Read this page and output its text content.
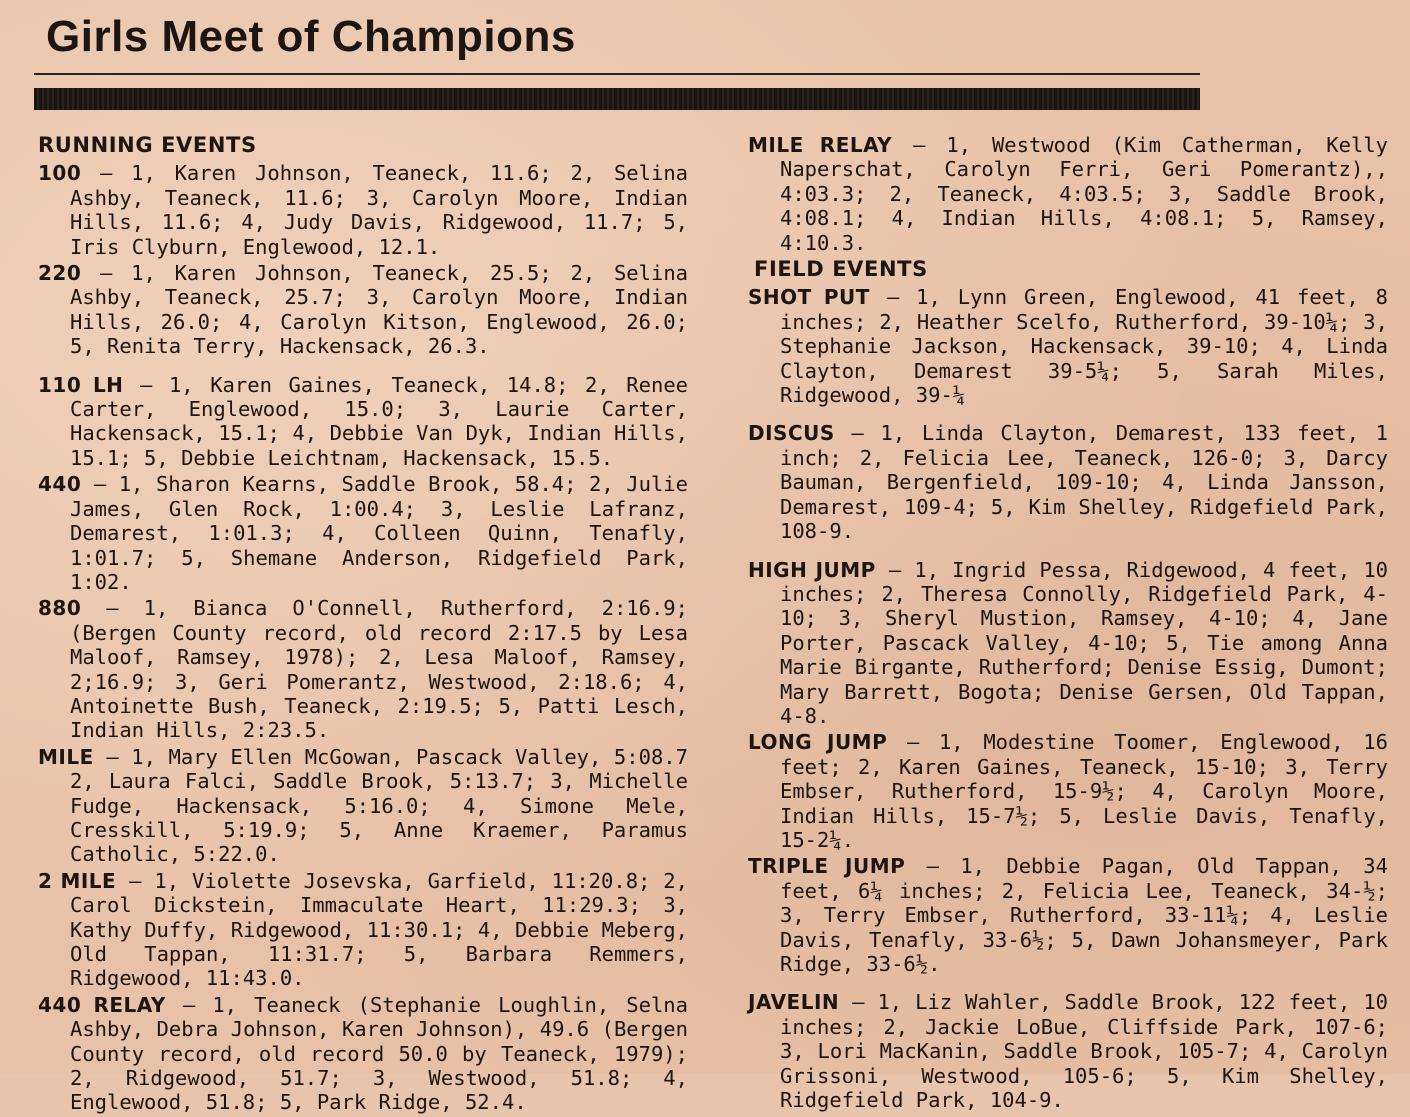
Girls Meet of Champions
RUNNING EVENTS

100 — 1, Karen Johnson, Teaneck, 11.6; 2, Selina Ashby, Teaneck, 11.6; 3, Carolyn Moore, Indian Hills, 11.6; 4, Judy Davis, Ridgewood, 11.7; 5, Iris Clyburn, Englewood, 12.1.

220 — 1, Karen Johnson, Teaneck, 25.5; 2, Selina Ashby, Teaneck, 25.7; 3, Carolyn Moore, Indian Hills, 26.0; 4, Carolyn Kitson, Englewood, 26.0; 5, Renita Terry, Hackensack, 26.3.

110 LH — 1, Karen Gaines, Teaneck, 14.8; 2, Renee Carter, Englewood, 15.0; 3, Laurie Carter, Hackensack, 15.1; 4, Debbie Van Dyk, Indian Hills, 15.1; 5, Debbie Leichtnam, Hackensack, 15.5.

440 — 1, Sharon Kearns, Saddle Brook, 58.4; 2, Julie James, Glen Rock, 1:00.4; 3, Leslie Lafranz, Demarest, 1:01.3; 4, Colleen Quinn, Tenafly, 1:01.7; 5, Shemane Anderson, Ridgefield Park, 1:02.

880 — 1, Bianca O'Connell, Rutherford, 2:16.9; (Bergen County record, old record 2:17.5 by Lesa Maloof, Ramsey, 1978); 2, Lesa Maloof, Ramsey, 2;16.9; 3, Geri Pomerantz, Westwood, 2:18.6; 4, Antoinette Bush, Teaneck, 2:19.5; 5, Patti Lesch, Indian Hills, 2:23.5.

MILE — 1, Mary Ellen McGowan, Pascack Valley, 5:08.7 2, Laura Falci, Saddle Brook, 5:13.7; 3, Michelle Fudge, Hackensack, 5:16.0; 4, Simone Mele, Cresskill, 5:19.9; 5, Anne Kraemer, Paramus Catholic, 5:22.0.

2 MILE — 1, Violette Josevska, Garfield, 11:20.8; 2, Carol Dickstein, Immaculate Heart, 11:29.3; 3, Kathy Duffy, Ridgewood, 11:30.1; 4, Debbie Meberg, Old Tappan, 11:31.7; 5, Barbara Remmers, Ridgewood, 11:43.0.

440 RELAY — 1, Teaneck (Stephanie Loughlin, Selna Ashby, Debra Johnson, Karen Johnson), 49.6 (Bergen County record, old record 50.0 by Teaneck, 1979); 2, Ridgewood, 51.7; 3, Westwood, 51.8; 4, Englewood, 51.8; 5, Park Ridge, 52.4.

MILE RELAY — 1, Westwood (Kim Catherman, Kelly Naperschat, Carolyn Ferri, Geri Pomerantz),, 4:03.3; 2, Teaneck, 4:03.5; 3, Saddle Brook, 4:08.1; 4, Indian Hills, 4:08.1; 5, Ramsey, 4:10.3.

FIELD EVENTS

SHOT PUT — 1, Lynn Green, Englewood, 41 feet, 8 inches; 2, Heather Scelfo, Rutherford, 39-10¼; 3, Stephanie Jackson, Hackensack, 39-10; 4, Linda Clayton, Demarest 39-5¼; 5, Sarah Miles, Ridgewood, 39-¼

DISCUS — 1, Linda Clayton, Demarest, 133 feet, 1 inch; 2, Felicia Lee, Teaneck, 126-0; 3, Darcy Bauman, Bergenfield, 109-10; 4, Linda Jansson, Demarest, 109-4; 5, Kim Shelley, Ridgefield Park, 108-9.

HIGH JUMP — 1, Ingrid Pessa, Ridgewood, 4 feet, 10 inches; 2, Theresa Connolly, Ridgefield Park, 4-10; 3, Sheryl Mustion, Ramsey, 4-10; 4, Jane Porter, Pascack Valley, 4-10; 5, Tie among Anna Marie Birgante, Rutherford; Denise Essig, Dumont; Mary Barrett, Bogota; Denise Gersen, Old Tappan, 4-8.

LONG JUMP — 1, Modestine Toomer, Englewood, 16 feet; 2, Karen Gaines, Teaneck, 15-10; 3, Terry Embser, Rutherford, 15-9½; 4, Carolyn Moore, Indian Hills, 15-7½; 5, Leslie Davis, Tenafly, 15-2¼.

TRIPLE JUMP — 1, Debbie Pagan, Old Tappan, 34 feet, 6¼ inches; 2, Felicia Lee, Teaneck, 34-½; 3, Terry Embser, Rutherford, 33-11¼; 4, Leslie Davis, Tenafly, 33-6½; 5, Dawn Johansmeyer, Park Ridge, 33-6½.

JAVELIN — 1, Liz Wahler, Saddle Brook, 122 feet, 10 inches; 2, Jackie LoBue, Cliffside Park, 107-6; 3, Lori MacKanin, Saddle Brook, 105-7; 4, Carolyn Grissoni, Westwood, 105-6; 5, Kim Shelley, Ridgefield Park, 104-9.
